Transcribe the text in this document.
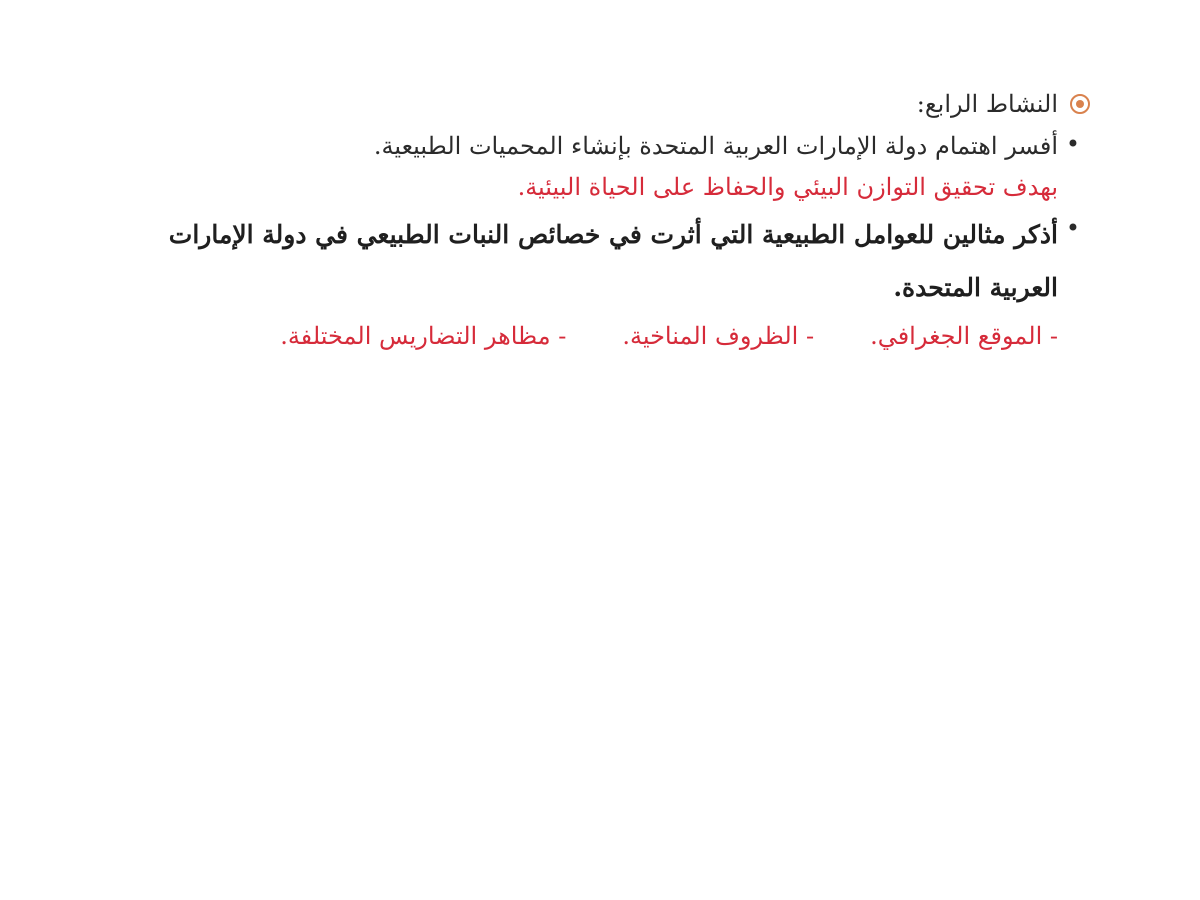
النشاط الرابع:
•
أفسر اهتمام دولة الإمارات العربية المتحدة بإنشاء المحميات الطبيعية.
بهدف تحقيق التوازن البيئي والحفاظ على الحياة البيئية.
•
أذكر مثالين للعوامل الطبيعية التي أثرت في خصائص النبات الطبيعي في دولة الإمارات العربية المتحدة.
- الموقع الجغرافي.
- الظروف المناخية.
- مظاهر التضاريس المختلفة.
